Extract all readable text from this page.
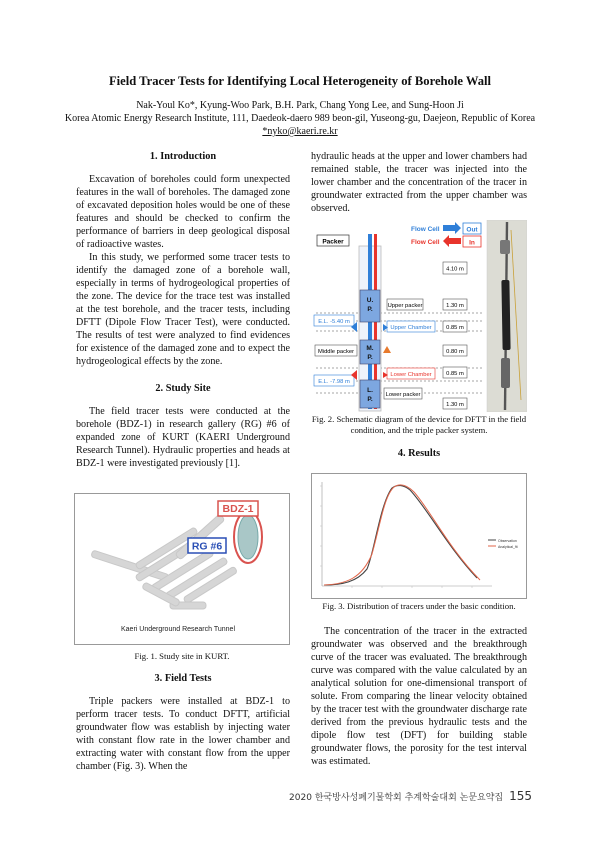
Field Tracer Tests for Identifying Local Heterogeneity of Borehole Wall
Nak-Youl Ko*, Kyung-Woo Park, B.H. Park, Chang Yong Lee, and Sung-Hoon Ji
Korea Atomic Energy Research Institute, 111, Daedeok-daero 989 beon-gil, Yuseong-gu, Daejeon, Republic of Korea
*nyko@kaeri.re.kr
1. Introduction

Excavation of boreholes could form unexpected features in the wall of boreholes. The damaged zone of excavated deposition holes would be one of these features and should be checked to confirm the performance of barriers in deep geological disposal of radioactive wastes.

In this study, we performed some tracer tests to identify the damaged zone of a borehole wall, especially in terms of hydrogeological properties of the zone. The device for the trace test was installed at the test borehole, and the tracer tests, including DFTT (Dipole Flow Tracer Test), were conducted. The results of test were analyzed to find evidences for existence of the damaged zone and to expect the hydrogeological effects by the zone.

2. Study Site

The field tracer tests were conducted at the borehole (BDZ-1) in research gallery (RG) #6 of expanded zone of KURT (KAERI Underground Research Tunnel). Hydraulic properties and heads at BDZ-1 were investigated previously [1].

BDZ-1
RG #6
Kaeri Underground Research Tunnel
Fig. 1. Study site in KURT.
3. Field Tests

Triple packers were installed at BDZ-1 to perform tracer tests. To conduct DFTT, artificial groundwater flow was establish by injecting water with constant flow rate in the lower chamber and extracting water with constant flow from the upper chamber (Fig. 3). When the

hydraulic heads at the upper and lower chambers had remained stable, the tracer was injected into the lower chamber and the concentration of the tracer in groundwater extracted from the upper chamber was observed.

U.
P.
M.
P.
L.
P.
Packer
Flow Cell	Out
Flow Cell	In
Upper packer
Upper Chamber
Middle packer
Lower Chamber
Lower packer
E.L. -5.40 m
E.L. -7.98 m
4.10 m
1.30 m
0.85 m
0.80 m
0.85 m
1.30 m
Fig. 2. Schematic diagram of the device for DFTT in the field condition, and the triple packer system.
4. Results
Observation
Analytical_fit
Fig. 3. Distribution of tracers under the basic condition.

The concentration of the tracer in the extracted groundwater was observed and the breakthrough curve of the tracer was evaluated. The breakthrough curve was compared with the value calculated by an analytical solution for one-dimensional transport of solute. From comparing the linear velocity obtained by the tracer test with the groundwater discharge rate derived from the previous hydraulic tests and the dipole flow test (DFT) for building stable groundwater flows, the porosity for the test interval was estimated.

2020 한국방사성폐기물학회 추계학술대회 논문요약집 155
